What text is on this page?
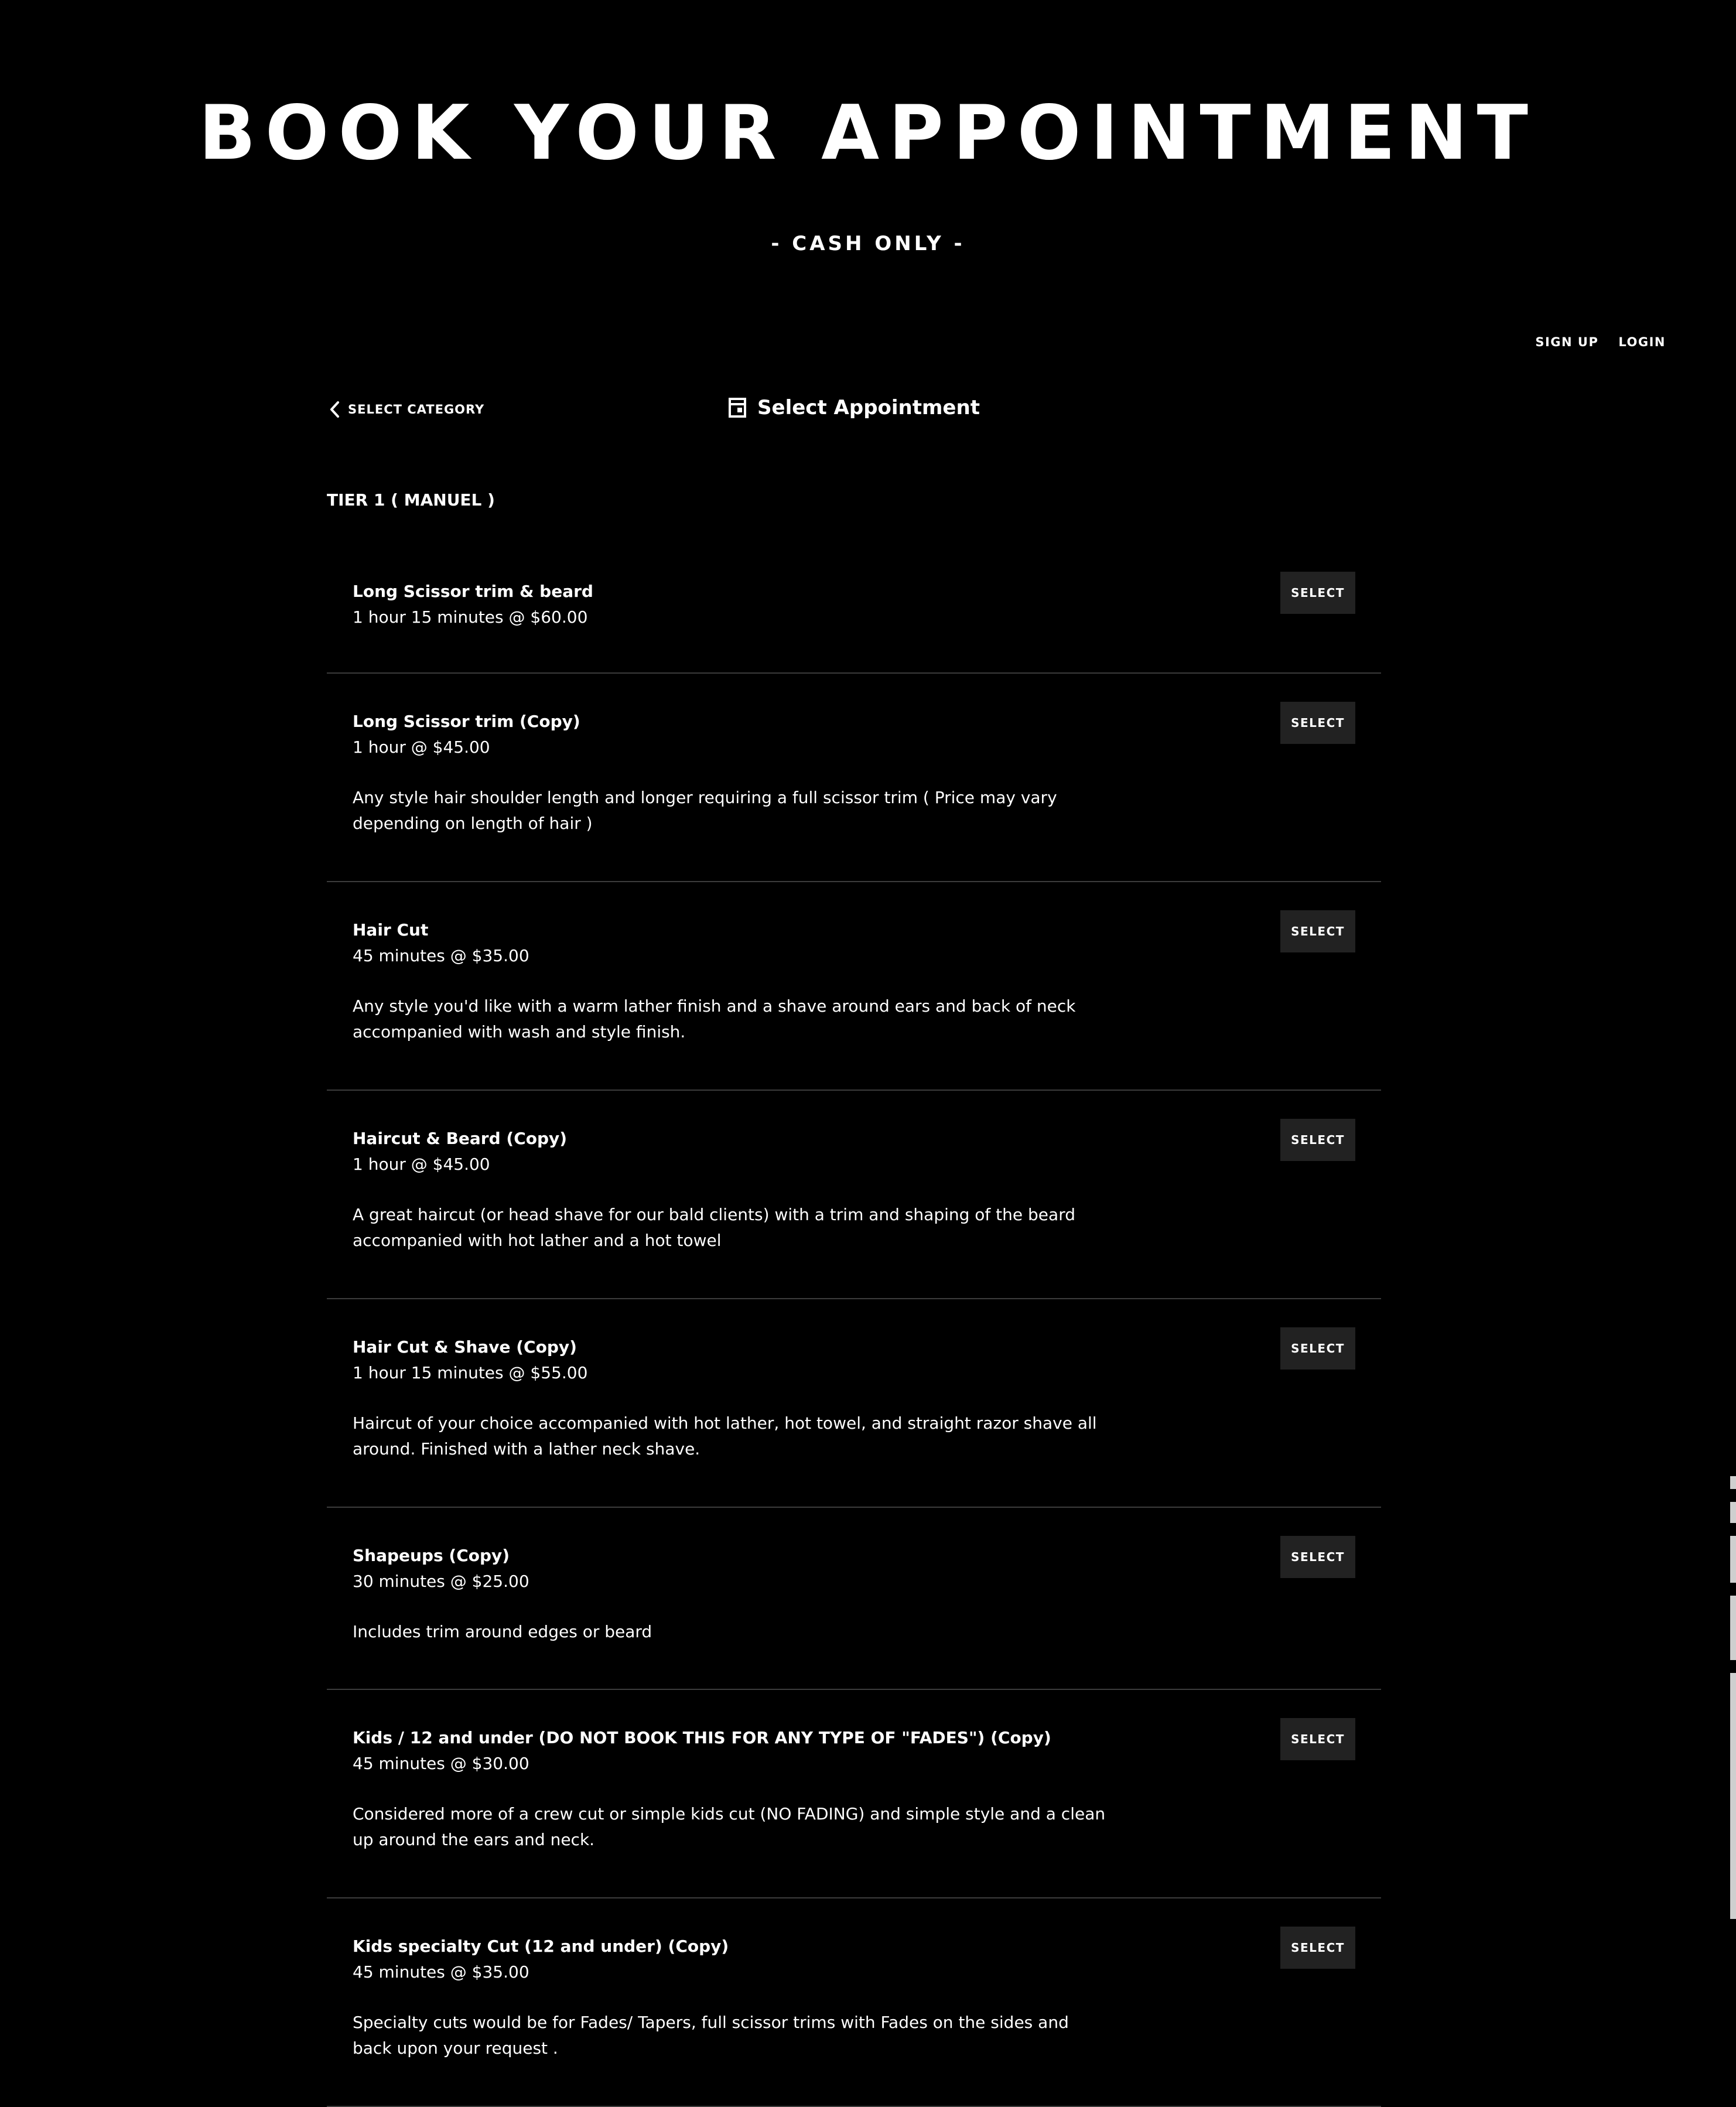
BOOK YOUR APPOINTMENT
- CASH ONLY -
SIGN UP LOGIN
SELECT CATEGORY	Select Appointment
TIER 1 ( MANUEL )
Long Scissor trim & beard
1 hour 15 minutes @ $60.00
SELECT
Long Scissor trim (Copy)
1 hour @ $45.00
Any style hair shoulder length and longer requiring a full scissor trim ( Price may vary depending on length of hair )
SELECT
Hair Cut
45 minutes @ $35.00
Any style you'd like with a warm lather finish and a shave around ears and back of neck accompanied with wash and style finish.
SELECT
Haircut & Beard (Copy)
1 hour @ $45.00
A great haircut (or head shave for our bald clients) with a trim and shaping of the beard accompanied with hot lather and a hot towel
SELECT
Hair Cut & Shave (Copy)
1 hour 15 minutes @ $55.00
Haircut of your choice accompanied with hot lather, hot towel, and straight razor shave all around. Finished with a lather neck shave.
SELECT
Shapeups (Copy)
30 minutes @ $25.00
Includes trim around edges or beard
SELECT
Kids / 12 and under (DO NOT BOOK THIS FOR ANY TYPE OF "FADES") (Copy)
45 minutes @ $30.00
Considered more of a crew cut or simple kids cut (NO FADING) and simple style and a clean up around the ears and neck.
SELECT
Kids specialty Cut (12 and under) (Copy)
45 minutes @ $35.00
Specialty cuts would be for Fades/ Tapers, full scissor trims with Fades on the sides and back upon your request .
SELECT
